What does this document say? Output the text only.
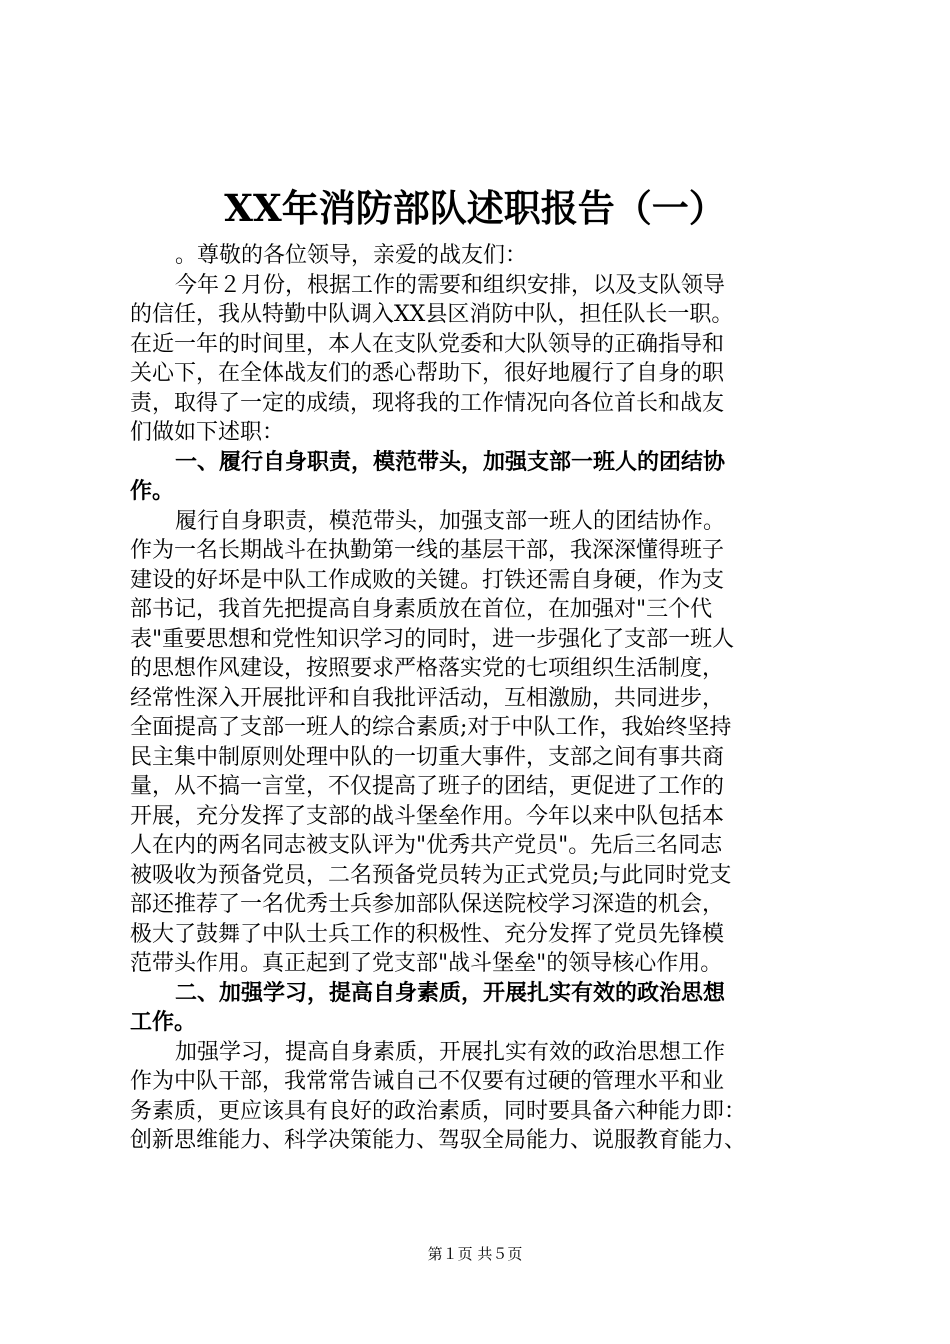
XX年消防部队述职报告（一）
。尊敬的各位领导，亲爱的战友们：
今年２月份，根据工作的需要和组织安排，以及支队领导
的信任，我从特勤中队调入XX县区消防中队，担任队长一职。
在近一年的时间里，本人在支队党委和大队领导的正确指导和
关心下，在全体战友们的悉心帮助下，很好地履行了自身的职
责，取得了一定的成绩，现将我的工作情况向各位首长和战友
们做如下述职：
一、履行自身职责，模范带头，加强支部一班人的团结协
作。
履行自身职责，模范带头，加强支部一班人的团结协作。
作为一名长期战斗在执勤第一线的基层干部，我深深懂得班子
建设的好坏是中队工作成败的关键。打铁还需自身硬，作为支
部书记，我首先把提高自身素质放在首位，在加强对"三个代
表"重要思想和党性知识学习的同时，进一步强化了支部一班人
的思想作风建设，按照要求严格落实党的七项组织生活制度，
经常性深入开展批评和自我批评活动，互相激励，共同进步，
全面提高了支部一班人的综合素质;对于中队工作，我始终坚持
民主集中制原则处理中队的一切重大事件，支部之间有事共商
量，从不搞一言堂，不仅提高了班子的团结，更促进了工作的
开展，充分发挥了支部的战斗堡垒作用。今年以来中队包括本
人在内的两名同志被支队评为"优秀共产党员"。先后三名同志
被吸收为预备党员，二名预备党员转为正式党员;与此同时党支
部还推荐了一名优秀士兵参加部队保送院校学习深造的机会，
极大了鼓舞了中队士兵工作的积极性、充分发挥了党员先锋模
范带头作用。真正起到了党支部"战斗堡垒"的领导核心作用。
二、加强学习，提高自身素质，开展扎实有效的政治思想
工作。
加强学习，提高自身素质，开展扎实有效的政治思想工作
作为中队干部，我常常告诫自己不仅要有过硬的管理水平和业
务素质，更应该具有良好的政治素质，同时要具备六种能力即：
创新思维能力、科学决策能力、驾驭全局能力、说服教育能力、
第１页 共５页
